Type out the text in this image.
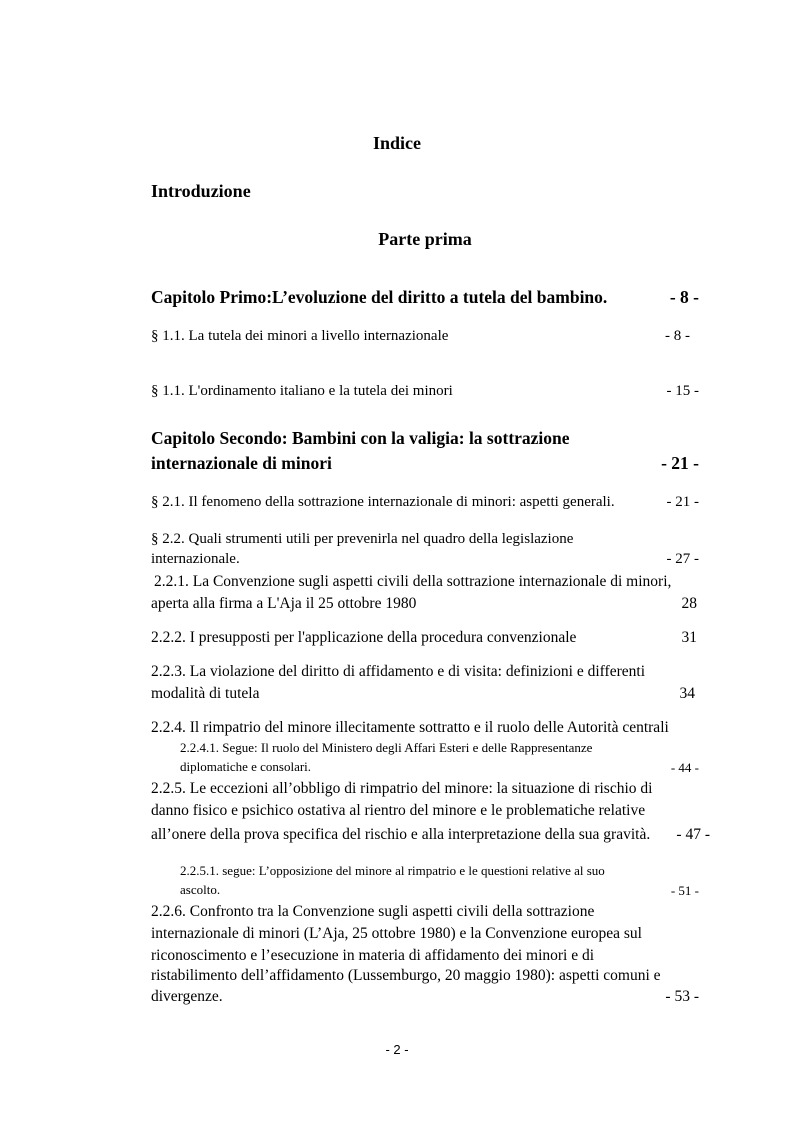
Indice
Introduzione
Parte prima
Capitolo Primo:L’evoluzione del diritto a tutela del bambino.	- 8 -
§ 1.1. La tutela dei minori a livello internazionale	- 8 -
§ 1.1. L'ordinamento italiano e la tutela dei minori	- 15 -
Capitolo Secondo: Bambini con la valigia: la sottrazione
internazionale di minori	- 21 -
§ 2.1. Il fenomeno della sottrazione internazionale di minori: aspetti generali.	- 21 -
§ 2.2. Quali strumenti utili per prevenirla nel quadro della legislazione
internazionale.	- 27 -
2.2.1. La Convenzione sugli aspetti civili della sottrazione internazionale di minori,
aperta alla firma a L'Aja il 25 ottobre 1980	28
2.2.2. I presupposti per l'applicazione della procedura convenzionale	31
2.2.3. La violazione del diritto di affidamento e di visita: definizioni e differenti
modalità di tutela	34
2.2.4. Il rimpatrio del minore illecitamente sottratto e il ruolo delle Autorità centrali
2.2.4.1. Segue: Il ruolo del Ministero degli Affari Esteri e delle Rappresentanze
diplomatiche e consolari.	- 44 -
2.2.5. Le eccezioni all’obbligo di rimpatrio del minore: la situazione di rischio di
danno fisico e psichico ostativa al rientro del minore e le problematiche relative
all’onere della prova specifica del rischio e alla interpretazione della sua gravità.	- 47 -
2.2.5.1. segue: L’opposizione del minore al rimpatrio e le questioni relative al suo
ascolto.	- 51 -
2.2.6. Confronto tra la Convenzione sugli aspetti civili della sottrazione
internazionale di minori (L’Aja, 25 ottobre 1980) e la Convenzione europea sul
riconoscimento e l’esecuzione in materia di affidamento dei minori e di
ristabilimento dell’affidamento (Lussemburgo, 20 maggio 1980): aspetti comuni e
divergenze.	- 53 -
- 2 -
